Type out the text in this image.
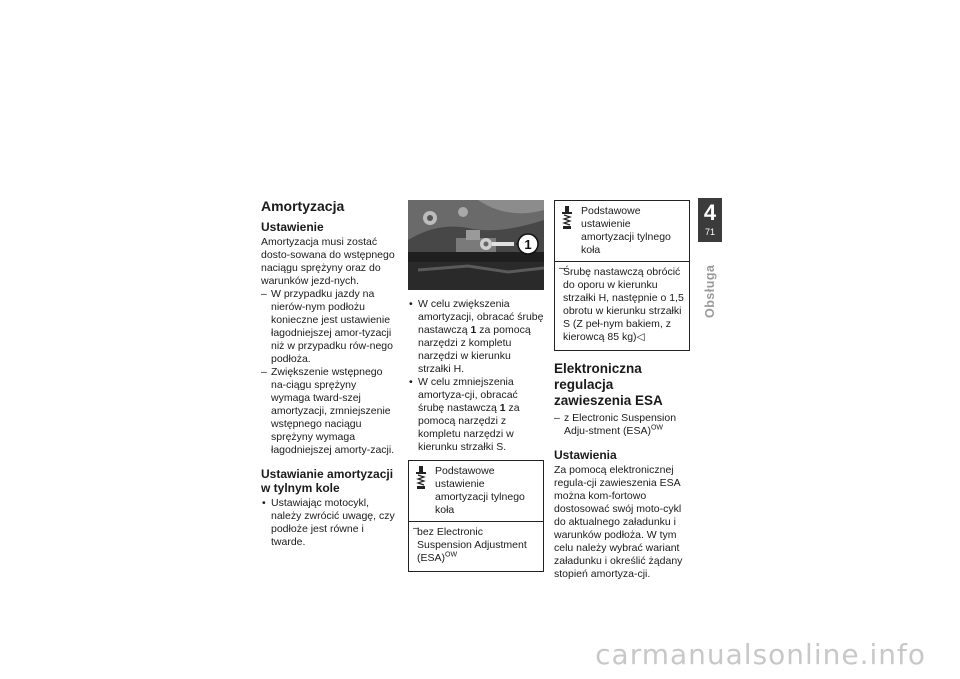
Amortyzacja
Ustawienie

Amortyzacja musi zostać dosto-sowana do wstępnego naciągu sprężyny oraz do warunków jezd-nych.

– W przypadku jazdy na nierów-nym podłożu konieczne jest ustawienie łagodniejszej amor-tyzacji niż w przypadku rów-nego podłoża.

– Zwiększenie wstępnego na-ciągu sprężyny wymaga tward-szej amortyzacji, zmniejszenie wstępnego naciągu sprężyny wymaga łagodniejszej amorty-zacji.

Ustawianie amortyzacji w tylnym kole

• Ustawiając motocykl, należy zwrócić uwagę, czy podłoże jest równe i twarde.

1

• W celu zwiększenia amortyzacji, obracać śrubę nastawczą 1 za pomocą narzędzi z kompletu narzędzi w kierunku strzałki H.

• W celu zmniejszenia amortyza-cji, obracać śrubę nastawczą 1 za pomocą narzędzi z kompletu narzędzi w kierunku strzałki S.

Podstawowe ustawienie amortyzacji tylnego koła
– bez Electronic Suspension Adjustment (ESA)$^{OW}$
Podstawowe ustawienie amortyzacji tylnego koła
– Śrubę nastawczą obrócić do oporu w kierunku strzałki H, następnie o 1,5 obrotu w kierunku strzałki S (Z peł-nym bakiem, z kierowcą 85 kg)◁
Elektroniczna regulacja zawieszenia ESA

– z Electronic Suspension Adju-stment (ESA)$^{OW}$

Ustawienia

Za pomocą elektronicznej regula-cji zawieszenia ESA można kom-fortowo dostosować swój moto-cykl do aktualnego załadunku i warunków podłoża. W tym celu należy wybrać wariant załadunku i określić żądany stopień amortyza-cji.

4
71
Obsługa
carmanualsonline.info
